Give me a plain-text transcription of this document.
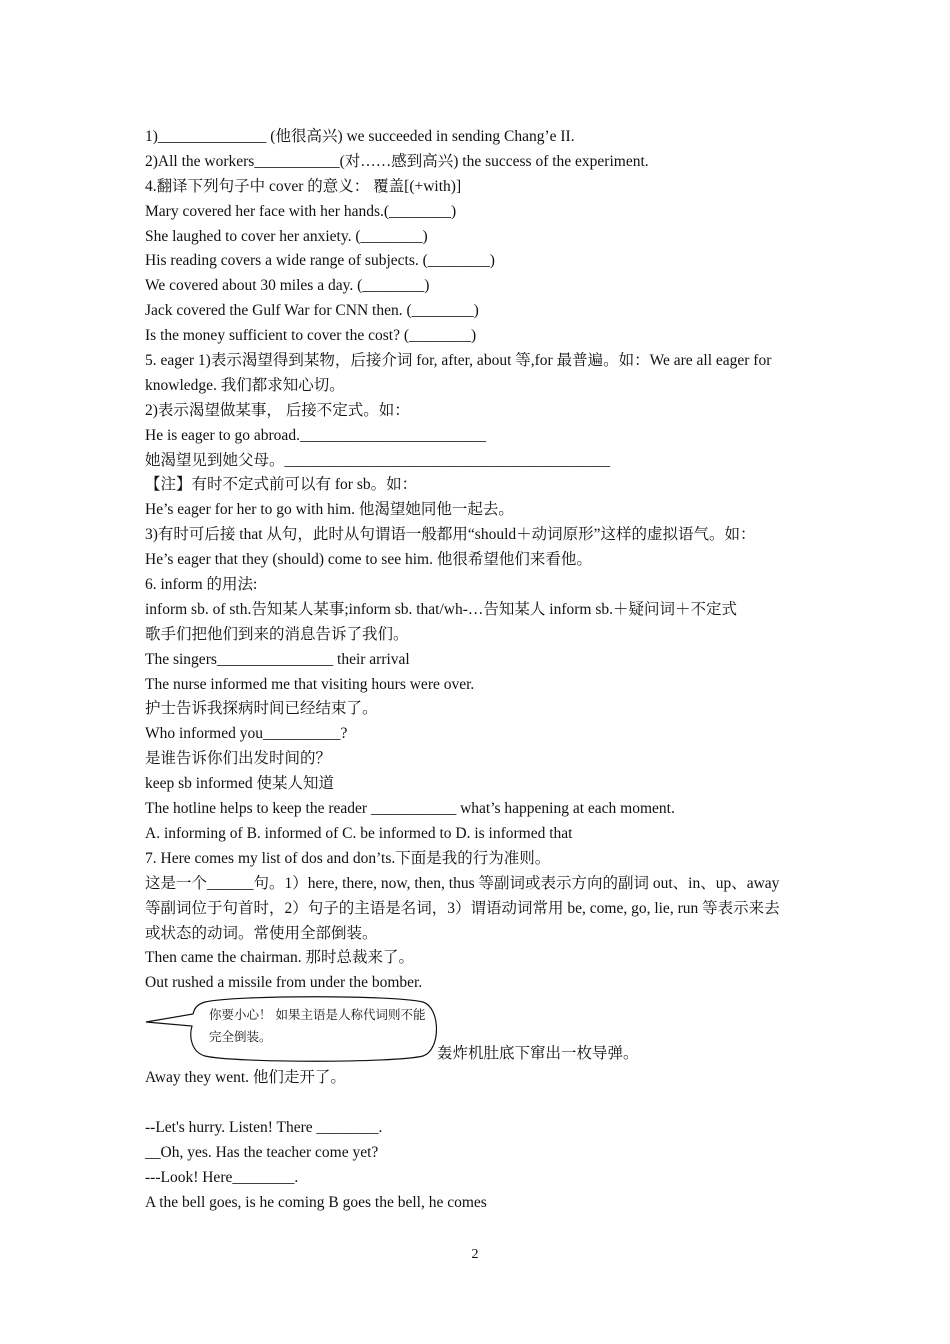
1)______________ (他很高兴) we succeeded in sending Chang’e II.
2)All the workers___________(对……感到高兴) the success of the experiment.
4.翻译下列句子中 cover 的意义： 覆盖[(+with)]
Mary covered her face with her hands.(________)
She laughed to cover her anxiety. (________)
His reading covers a wide range of subjects. (________)
We covered about 30 miles a day. (________)
Jack covered the Gulf War for CNN then. (________)
Is the money sufficient to cover the cost? (________)
5. eager 1)表示渴望得到某物，后接介词 for, after, about 等,for 最普遍。如：We are all eager for
knowledge. 我们都求知心切。
2)表示渴望做某事， 后接不定式。如：
He is eager to go abroad.________________________
她渴望见到她父母。__________________________________________
【注】有时不定式前可以有 for sb。如：
He’s eager for her to go with him. 他渴望她同他一起去。
3)有时可后接 that 从句，此时从句谓语一般都用“should＋动词原形”这样的虚拟语气。如：
He’s eager that they (should) come to see him. 他很希望他们来看他。
6. inform 的用法:
inform sb. of sth.告知某人某事;inform sb. that/wh-…告知某人 inform sb.＋疑问词＋不定式
歌手们把他们到来的消息告诉了我们。
The singers_______________ their arrival
The nurse informed me that visiting hours were over.
护士告诉我探病时间已经结束了。
Who informed you__________?
是谁告诉你们出发时间的？
keep sb informed 使某人知道
The hotline helps to keep the reader ___________ what’s happening at each moment.
A. informing of B. informed of C. be informed to D. is informed that
7. Here comes my list of dos and don’ts.下面是我的行为准则。
这是一个______句。1）here, there, now, then, thus 等副词或表示方向的副词 out、in、up、away
等副词位于句首时，2）句子的主语是名词，3）谓语动词常用 be, come, go, lie, run 等表示来去
或状态的动词。常使用全部倒装。
Then came the chairman. 那时总裁来了。
Out rushed a missile from under the bomber.
你要小心！ 如果主语是人称代词则不能完全倒装。
轰炸机肚底下窜出一枚导弹。
Away they went. 他们走开了。
--Let's hurry. Listen! There ________.
__Oh, yes. Has the teacher come yet?
---Look! Here________.
A the bell goes, is he coming B goes the bell, he comes
2
